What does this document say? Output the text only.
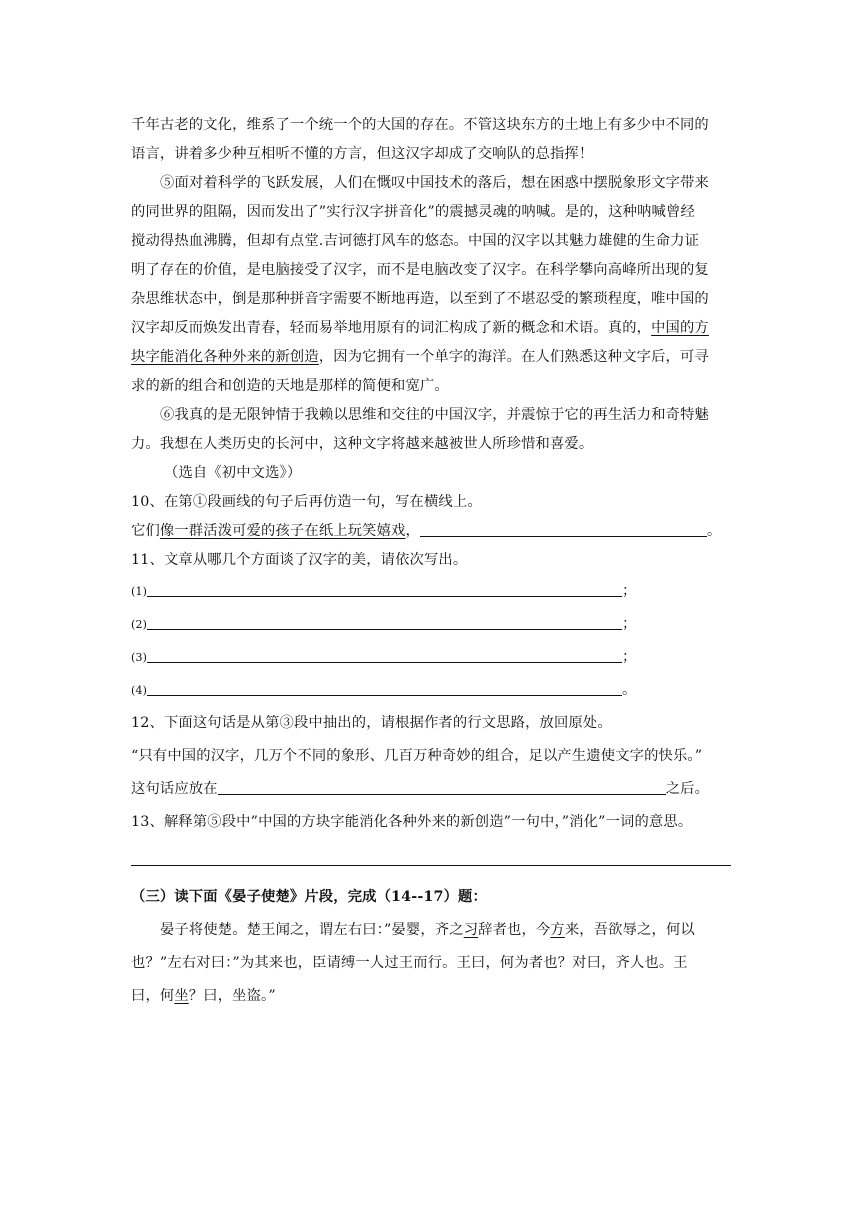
千年古老的文化，维系了一个统一个的大国的存在。不管这块东方的土地上有多少中不同的
语言，讲着多少种互相听不懂的方言，但这汉字却成了交响队的总指挥！
⑤面对着科学的飞跃发展，人们在慨叹中国技术的落后，想在困惑中摆脱象形文字带来
的同世界的阻隔，因而发出了”实行汉字拼音化”的震撼灵魂的呐喊。是的，这种呐喊曾经
搅动得热血沸腾，但却有点堂.吉诃德打风车的悠态。中国的汉字以其魅力雄健的生命力证
明了存在的价值，是电脑接受了汉字，而不是电脑改变了汉字。在科学攀向高峰所出现的复
杂思维状态中，倒是那种拼音字需要不断地再造，以至到了不堪忍受的繁琐程度，唯中国的
汉字却反而焕发出青春，轻而易举地用原有的词汇构成了新的概念和术语。真的，中国的方
块字能消化各种外来的新创造，因为它拥有一个单字的海洋。在人们熟悉这种文字后，可寻
求的新的组合和创造的天地是那样的简便和宽广。
⑥我真的是无限钟情于我赖以思维和交往的中国汉字，并震惊于它的再生活力和奇特魅
力。我想在人类历史的长河中，这种文字将越来越被世人所珍惜和喜爱。
（选自《初中文选》）
10、在第①段画线的句子后再仿造一句，写在横线上。
它们像一群活泼可爱的孩子在纸上玩笑嬉戏，	。
11、文章从哪几个方面谈了汉字的美，请依次写出。
(1)	；
(2)	；
(3)	；
(4)	。
12、下面这句话是从第③段中抽出的，请根据作者的行文思路，放回原处。
“只有中国的汉字，几万个不同的象形、几百万种奇妙的组合，足以产生遗使文字的快乐。”
这句话应放在	之后。
13、解释第⑤段中”中国的方块字能消化各种外来的新创造”一句中，”消化”一词的意思。
（三）读下面《晏子使楚》片段，完成（14--17）题：
晏子将使楚。楚王闻之，谓左右曰：”晏婴，齐之习辞者也，今方来，吾欲辱之，何以
也？”左右对曰：”为其来也，臣请缚一人过王而行。王曰，何为者也？对曰，齐人也。王
曰，何坐？曰，坐盗。”
